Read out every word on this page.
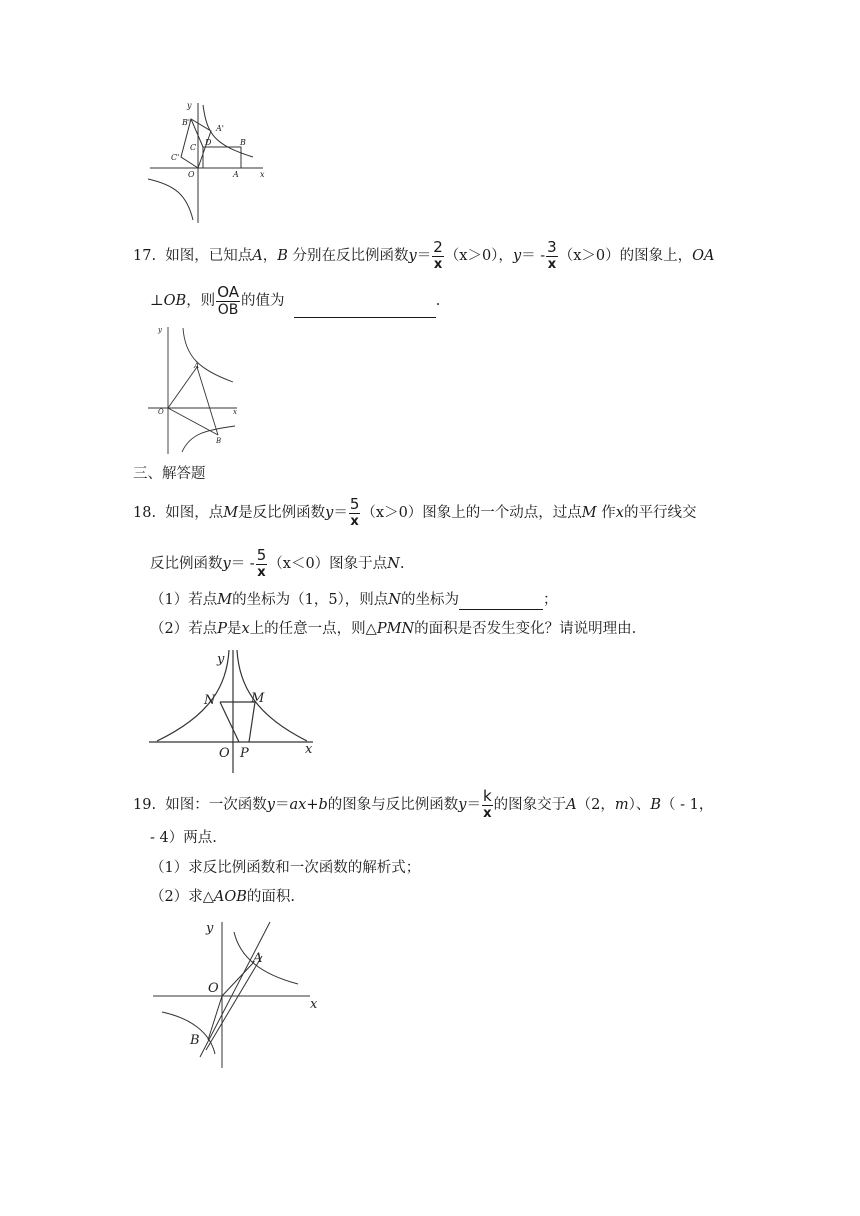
y
B'
A'
B
C
D
C'
O	A	x
17. 如图，已知点A，B 分别在反比例函数$y= \frac{2}{x} (x>0)$，$y= - \frac{3}{x} (x>0)$的图象上，OA
⊥OB，则 $\frac{OA}{OB}$ 的值为	.
y
A
O	x
B
三、解答题
18. 如图，点M是反比例函数$y= \frac{5}{x} (x>0)$图象上的一个动点，过点M 作x的平行线交
反比例函数$y= - \frac{5}{x} (x<0)$图象于点N.
（1）若点M的坐标为（1，5），则点N的坐标为	；
（2）若点P是x上的任意一点，则△PMN的面积是否发生变化？请说明理由.
y
N	M
O P	x
19. 如图：一次函数y＝ax+b的图象与反比例函数$y= \frac{k}{x}$ 的图象交于A（2，m）、B（ - 1，
- 4）两点.
（1）求反比例函数和一次函数的解析式；
（2）求△AOB的面积.
y
A
O
x
B
